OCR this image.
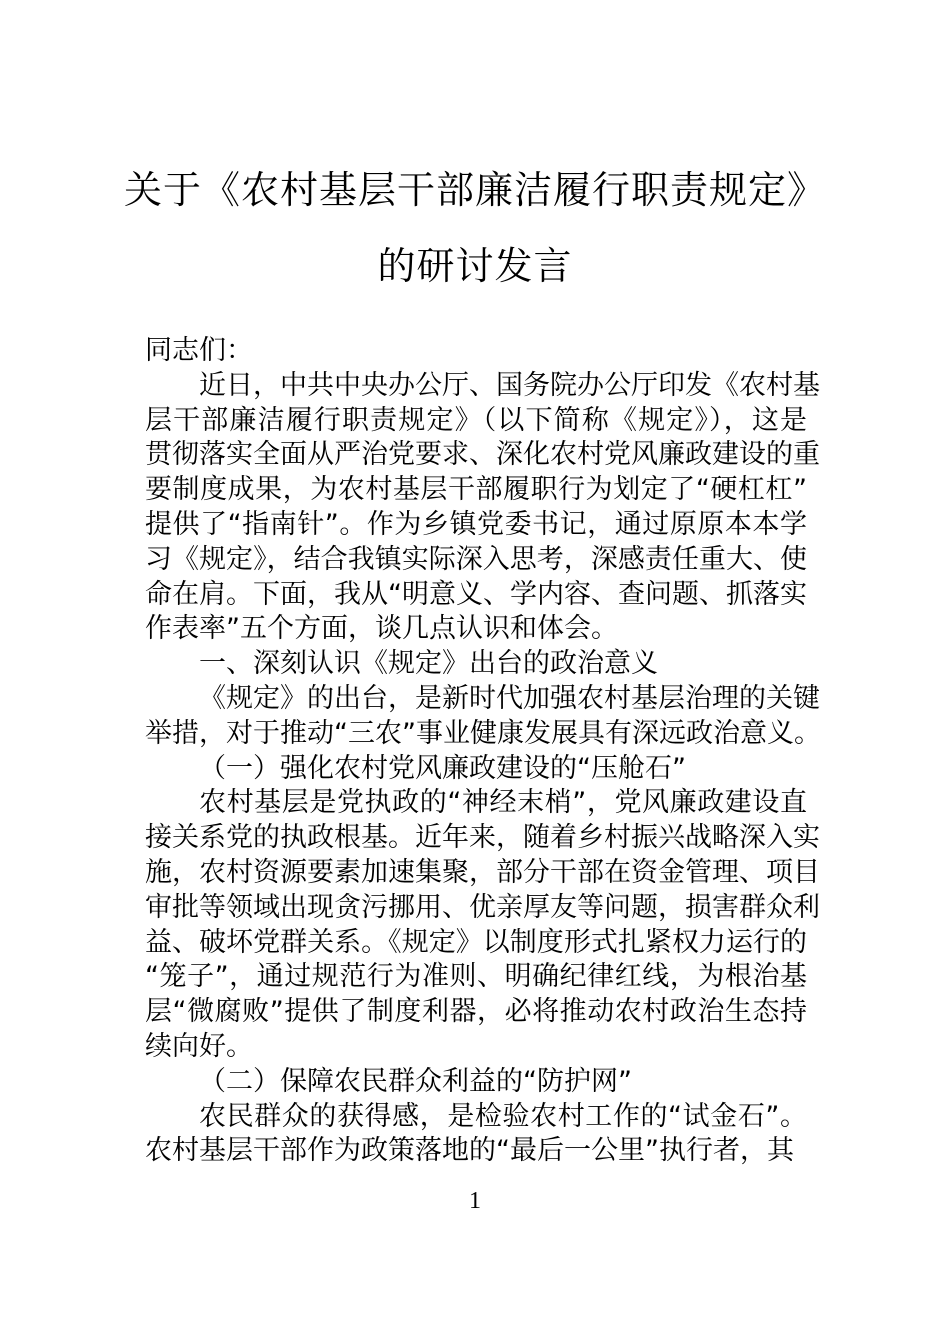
关于《农村基层干部廉洁履行职责规定》
的研讨发言
同志们：
近日，中共中央办公厅、国务院办公厅印发《农村基
层干部廉洁履行职责规定》（以下简称《规定》），这是
贯彻落实全面从严治党要求、深化农村党风廉政建设的重
要制度成果，为农村基层干部履职行为划定了“硬杠杠”
提供了“指南针”。作为乡镇党委书记，通过原原本本学
习《规定》，结合我镇实际深入思考，深感责任重大、使
命在肩。下面，我从“明意义、学内容、查问题、抓落实
作表率”五个方面，谈几点认识和体会。
一、深刻认识《规定》出台的政治意义
《规定》的出台，是新时代加强农村基层治理的关键
举措，对于推动“三农”事业健康发展具有深远政治意义。
（一）强化农村党风廉政建设的“压舱石”
农村基层是党执政的“神经末梢”，党风廉政建设直
接关系党的执政根基。近年来，随着乡村振兴战略深入实
施，农村资源要素加速集聚，部分干部在资金管理、项目
审批等领域出现贪污挪用、优亲厚友等问题，损害群众利
益、破坏党群关系。《规定》以制度形式扎紧权力运行的
“笼子”，通过规范行为准则、明确纪律红线，为根治基
层“微腐败”提供了制度利器，必将推动农村政治生态持
续向好。
（二）保障农民群众利益的“防护网”
农民群众的获得感，是检验农村工作的“试金石”。
农村基层干部作为政策落地的“最后一公里”执行者，其
1
